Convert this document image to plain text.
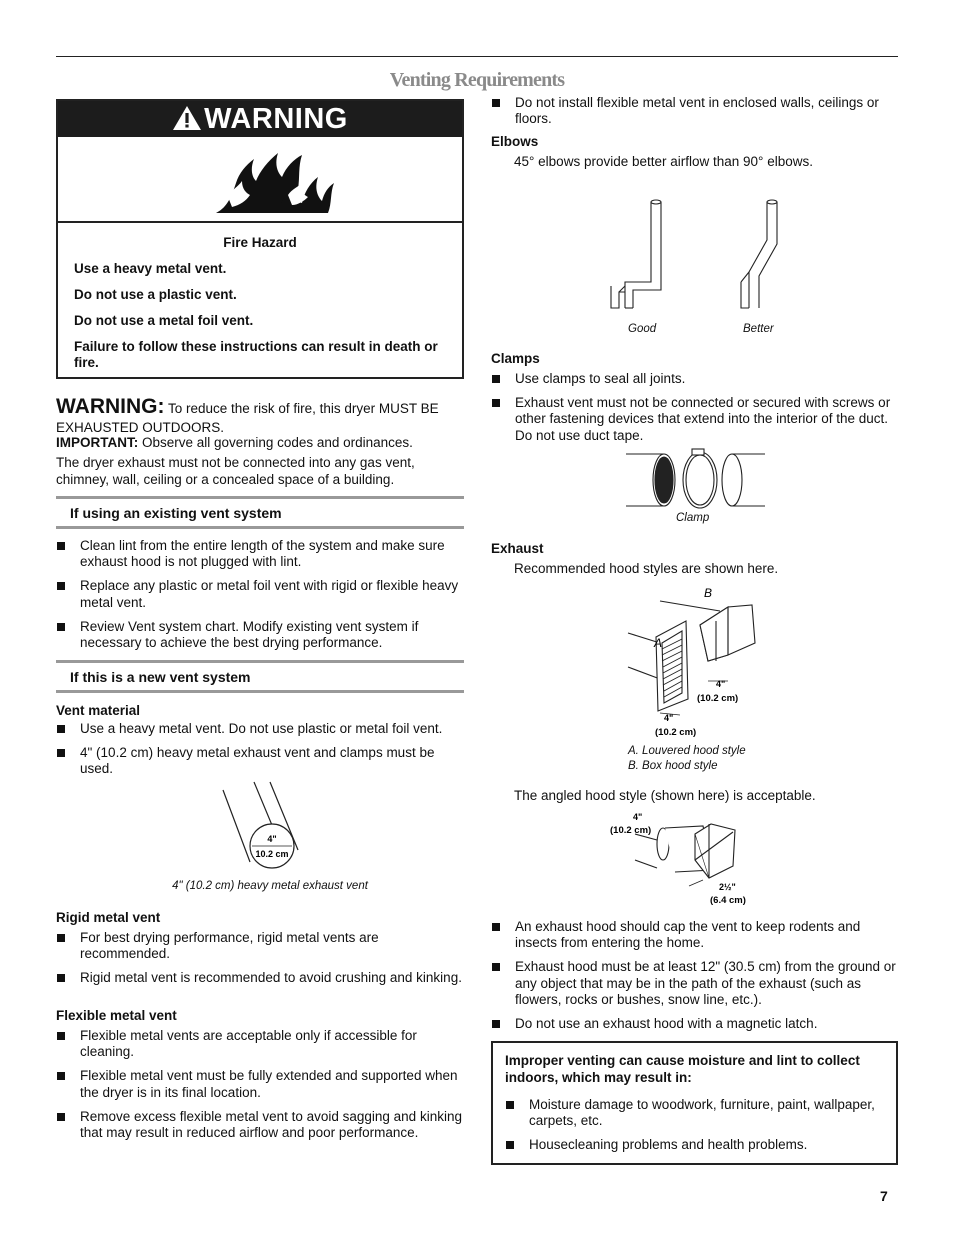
Venting Requirements
WARNING

Fire Hazard

Use a heavy metal vent.

Do not use a plastic vent.

Do not use a metal foil vent.

Failure to follow these instructions can result in death or fire.

WARNING: To reduce the risk of fire, this dryer MUST BE EXHAUSTED OUTDOORS.
IMPORTANT: Observe all governing codes and ordinances.
The dryer exhaust must not be connected into any gas vent, chimney, wall, ceiling or a concealed space of a building.
If using an existing vent system
Clean lint from the entire length of the system and make sure exhaust hood is not plugged with lint.
Replace any plastic or metal foil vent with rigid or flexible heavy metal vent.
Review Vent system chart. Modify existing vent system if necessary to achieve the best drying performance.
If this is a new vent system
Vent material
Use a heavy metal vent. Do not use plastic or metal foil vent.
4" (10.2 cm) heavy metal exhaust vent and clamps must be used.
4"
10.2 cm
4" (10.2 cm) heavy metal exhaust vent
Rigid metal vent
For best drying performance, rigid metal vents are recommended.
Rigid metal vent is recommended to avoid crushing and kinking.
Flexible metal vent
Flexible metal vents are acceptable only if accessible for cleaning.
Flexible metal vent must be fully extended and supported when the dryer is in its final location.
Remove excess flexible metal vent to avoid sagging and kinking that may result in reduced airflow and poor performance.
Do not install flexible metal vent in enclosed walls, ceilings or floors.
Elbows
45° elbows provide better airflow than 90° elbows.
Good	Better
Clamps
Use clamps to seal all joints.
Exhaust vent must not be connected or secured with screws or other fastening devices that extend into the interior of the duct. Do not use duct tape.
Clamp
Exhaust
Recommended hood styles are shown here.
B
A
4"
(10.2 cm)
4"
(10.2 cm)
A. Louvered hood style
B. Box hood style
The angled hood style (shown here) is acceptable.
4"
(10.2 cm)
2½"
(6.4 cm)
An exhaust hood should cap the vent to keep rodents and insects from entering the home.
Exhaust hood must be at least 12" (30.5 cm) from the ground or any object that may be in the path of the exhaust (such as flowers, rocks or bushes, snow line, etc.).
Do not use an exhaust hood with a magnetic latch.
Improper venting can cause moisture and lint to collect indoors, which may result in:
Moisture damage to woodwork, furniture, paint, wallpaper, carpets, etc.
Housecleaning problems and health problems.
7
